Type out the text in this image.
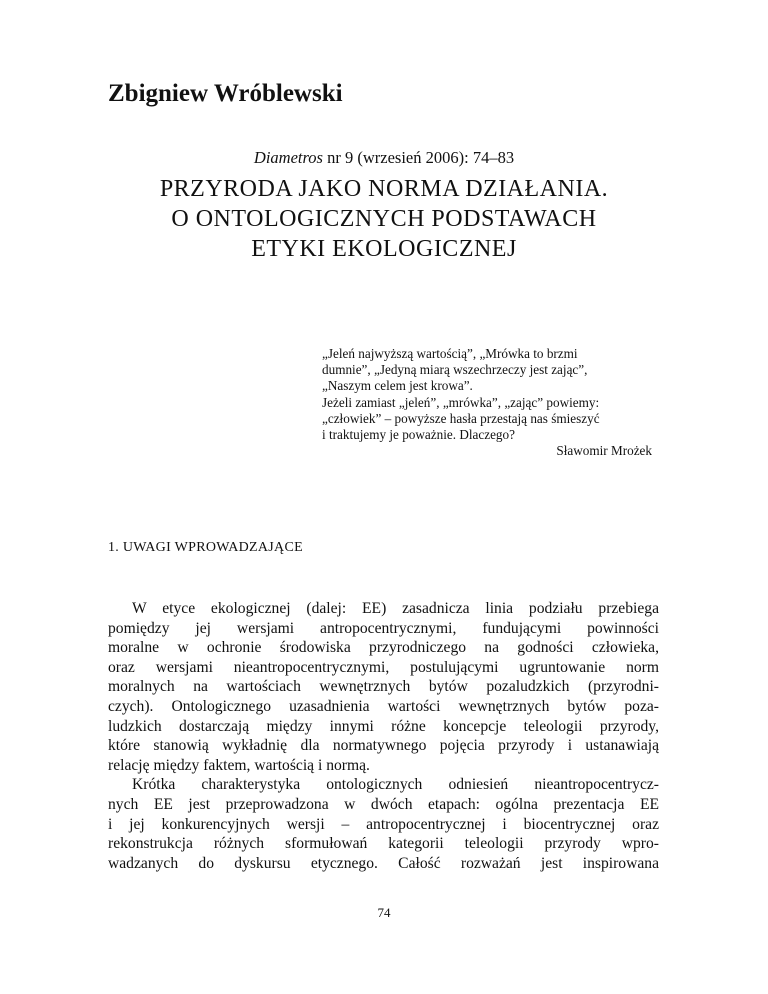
Zbigniew Wróblewski
Diametros nr 9 (wrzesień 2006): 74–83
PRZYRODA JAKO NORMA DZIAŁANIA.
O ONTOLOGICZNYCH PODSTAWACH
ETYKI EKOLOGICZNEJ
„Jeleń najwyższą wartością”, „Mrówka to brzmi
dumnie”, „Jedyną miarą wszechrzeczy jest zając”,
„Naszym celem jest krowa”.
Jeżeli zamiast „jeleń”, „mrówka”, „zając” powiemy:
„człowiek” – powyższe hasła przestają nas śmieszyć
i traktujemy je poważnie. Dlaczego?
Sławomir Mrożek
1. UWAGI WPROWADZAJĄCE
W etyce ekologicznej (dalej: EE) zasadnicza linia podziału przebiega
pomiędzy jej wersjami antropocentrycznymi, fundującymi powinności
moralne w ochronie środowiska przyrodniczego na godności człowieka,
oraz wersjami nieantropocentrycznymi, postulującymi ugruntowanie norm
moralnych na wartościach wewnętrznych bytów pozaludzkich (przyrodni-
czych). Ontologicznego uzasadnienia wartości wewnętrznych bytów poza-
ludzkich dostarczają między innymi różne koncepcje teleologii przyrody,
które stanowią wykładnię dla normatywnego pojęcia przyrody i ustanawiają
relację między faktem, wartością i normą.
Krótka charakterystyka ontologicznych odniesień nieantropocentrycz-
nych EE jest przeprowadzona w dwóch etapach: ogólna prezentacja EE
i jej konkurencyjnych wersji – antropocentrycznej i biocentrycznej oraz
rekonstrukcja różnych sformułowań kategorii teleologii przyrody wpro-
wadzanych do dyskursu etycznego. Całość rozważań jest inspirowana
74
